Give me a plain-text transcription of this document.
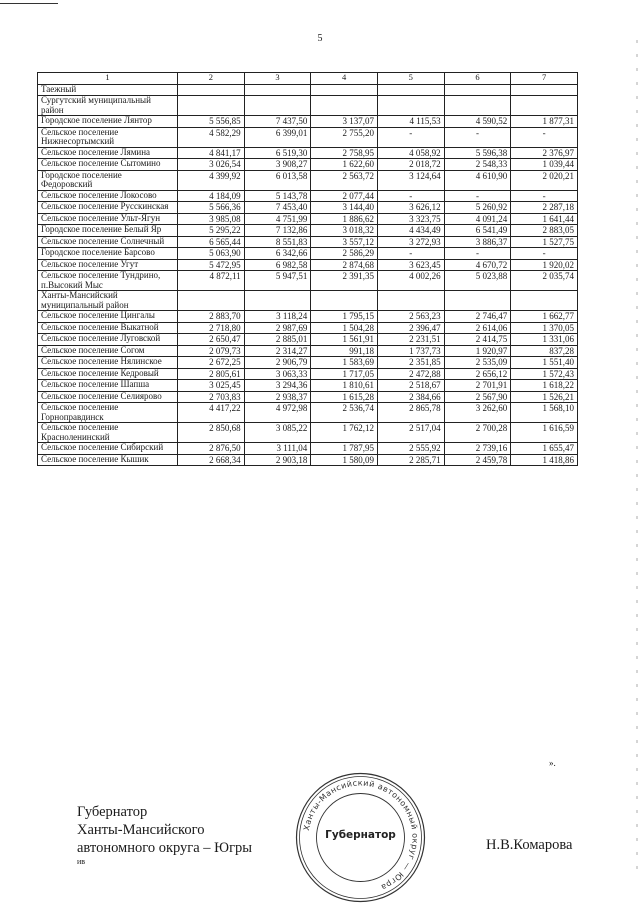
5
1	2	3	4	5	6	7
Таежный						
Сургутский муниципальный район						
Городское поселение Лянтор	5 556,85	7 437,50	3 137,07	4 115,53	4 590,52	1 877,31
Сельское поселение Нижнесортымский	4 582,29	6 399,01	2 755,20	-	-	-
Сельское поселение Лямина	4 841,17	6 519,30	2 758,95	4 058,92	5 596,38	2 376,97
Сельское поселение Сытомино	3 026,54	3 908,27	1 622,60	2 018,72	2 548,33	1 039,44
Городское поселение Федоровский	4 399,92	6 013,58	2 563,72	3 124,64	4 610,90	2 020,21
Сельское поселение Локосово	4 184,09	5 143,78	2 077,44	-	-	-
Сельское поселение Русскинская	5 566,36	7 453,40	3 144,40	3 626,12	5 260,92	2 287,18
Сельское поселение Ульт-Ягун	3 985,08	4 751,99	1 886,62	3 323,75	4 091,24	1 641,44
Городское поселение Белый Яр	5 295,22	7 132,86	3 018,32	4 434,49	6 541,49	2 883,05
Сельское поселение Солнечный	6 565,44	8 551,83	3 557,12	3 272,93	3 886,37	1 527,75
Городское поселение Барсово	5 063,90	6 342,66	2 586,29	-	-	-
Сельское поселение Угут	5 472,95	6 982,58	2 874,68	3 623,45	4 670,72	1 920,02
Сельское поселение Тундрино, п.Высокий Мыс	4 872,11	5 947,51	2 391,35	4 002,26	5 023,88	2 035,74
Ханты-Мансийский муниципальный район						
Сельское поселение Цингалы	2 883,70	3 118,24	1 795,15	2 563,23	2 746,47	1 662,77
Сельское поселение Выкатной	2 718,80	2 987,69	1 504,28	2 396,47	2 614,06	1 370,05
Сельское поселение Луговской	2 650,47	2 885,01	1 561,91	2 231,51	2 414,75	1 331,06
Сельское поселение Согом	2 079,73	2 314,27	991,18	1 737,73	1 920,97	837,28
Сельское поселение Нялинское	2 672,25	2 906,79	1 583,69	2 351,85	2 535,09	1 551,40
Сельское поселение Кедровый	2 805,61	3 063,33	1 717,05	2 472,88	2 656,12	1 572,43
Сельское поселение Шапша	3 025,45	3 294,36	1 810,61	2 518,67	2 701,91	1 618,22
Сельское поселение Селиярово	2 703,83	2 938,37	1 615,28	2 384,66	2 567,90	1 526,21
Сельское поселение Горноправдинск	4 417,22	4 972,98	2 536,74	2 865,78	3 262,60	1 568,10
Сельское поселение Красноленинский	2 850,68	3 085,22	1 762,12	2 517,04	2 700,28	1 616,59
Сельское поселение Сибирский	2 876,50	3 111,04	1 787,95	2 555,92	2 739,16	1 655,47
Сельское поселение Кышик	2 668,34	2 903,18	1 580,09	2 285,71	2 459,78	1 418,86
».
Губернатор
Ханты-Мансийского
автономного округа – Югры
ив
Ханты-Мансийский автономный округ — Югра
Губернатор
Н.В.Комарова
